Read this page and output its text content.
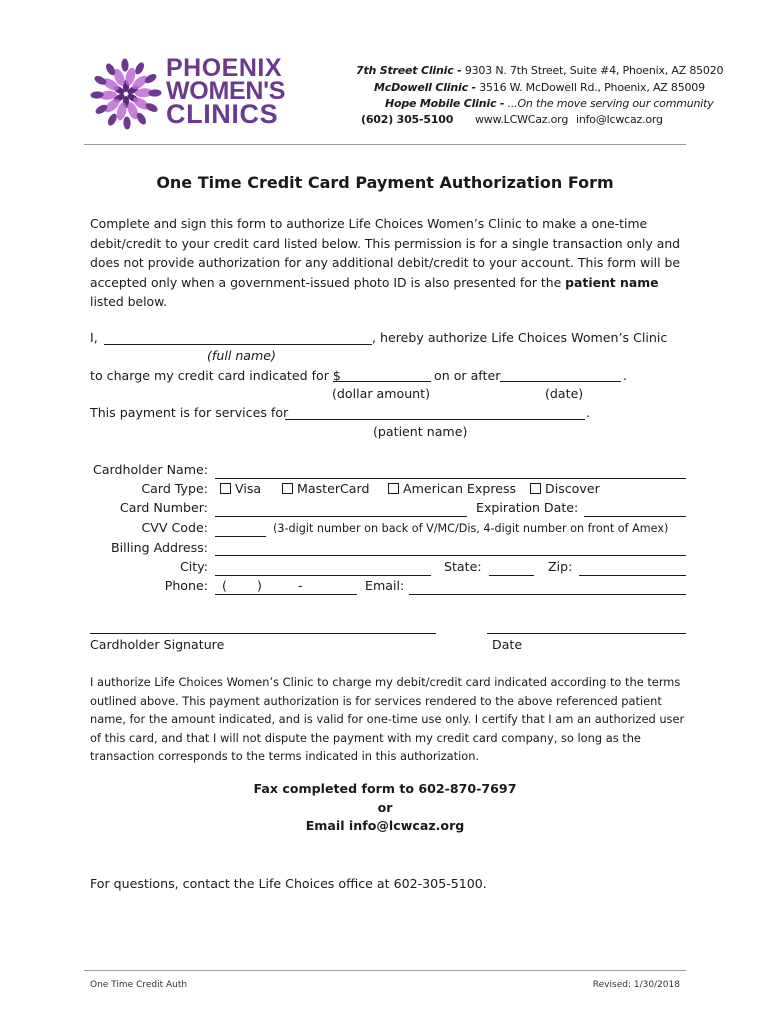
PHOENIX
WOMEN'S
CLINICS
7th Street Clinic - 9303 N. 7th Street, Suite #4, Phoenix, AZ 85020
McDowell Clinic - 3516 W. McDowell Rd., Phoenix, AZ 85009
Hope Mobile Clinic - ...On the move serving our community
(602) 305-5100 www.LCWCaz.org info@lcwcaz.org
One Time Credit Card Payment Authorization Form
Complete and sign this form to authorize Life Choices Women’s Clinic to make a one-time debit/credit to your credit card listed below. This permission is for a single transaction only and does not provide authorization for any additional debit/credit to your account. This form will be accepted only when a government-issued photo ID is also presented for the patient name listed below.
I,	, hereby authorize Life Choices Women’s Clinic
(full name)
to charge my credit card indicated for $	on or after	.
(dollar amount)	(date)
This payment is for services for	.
(patient name)
Cardholder Name:
Card Type:	Visa	MasterCard	American Express	Discover
Card Number:	Expiration Date:
CVV Code:	(3-digit number on back of V/MC/Dis, 4-digit number on front of Amex)
Billing Address:
City:	State:	Zip:
Phone: ( )	-	Email:
Cardholder Signature	Date
I authorize Life Choices Women’s Clinic to charge my debit/credit card indicated according to the terms outlined above. This payment authorization is for services rendered to the above referenced patient name, for the amount indicated, and is valid for one-time use only. I certify that I am an authorized user of this card, and that I will not dispute the payment with my credit card company, so long as the transaction corresponds to the terms indicated in this authorization.
Fax completed form to 602-870-7697
or
Email info@lcwcaz.org
For questions, contact the Life Choices office at 602-305-5100.
One Time Credit Auth	Revised: 1/30/2018
